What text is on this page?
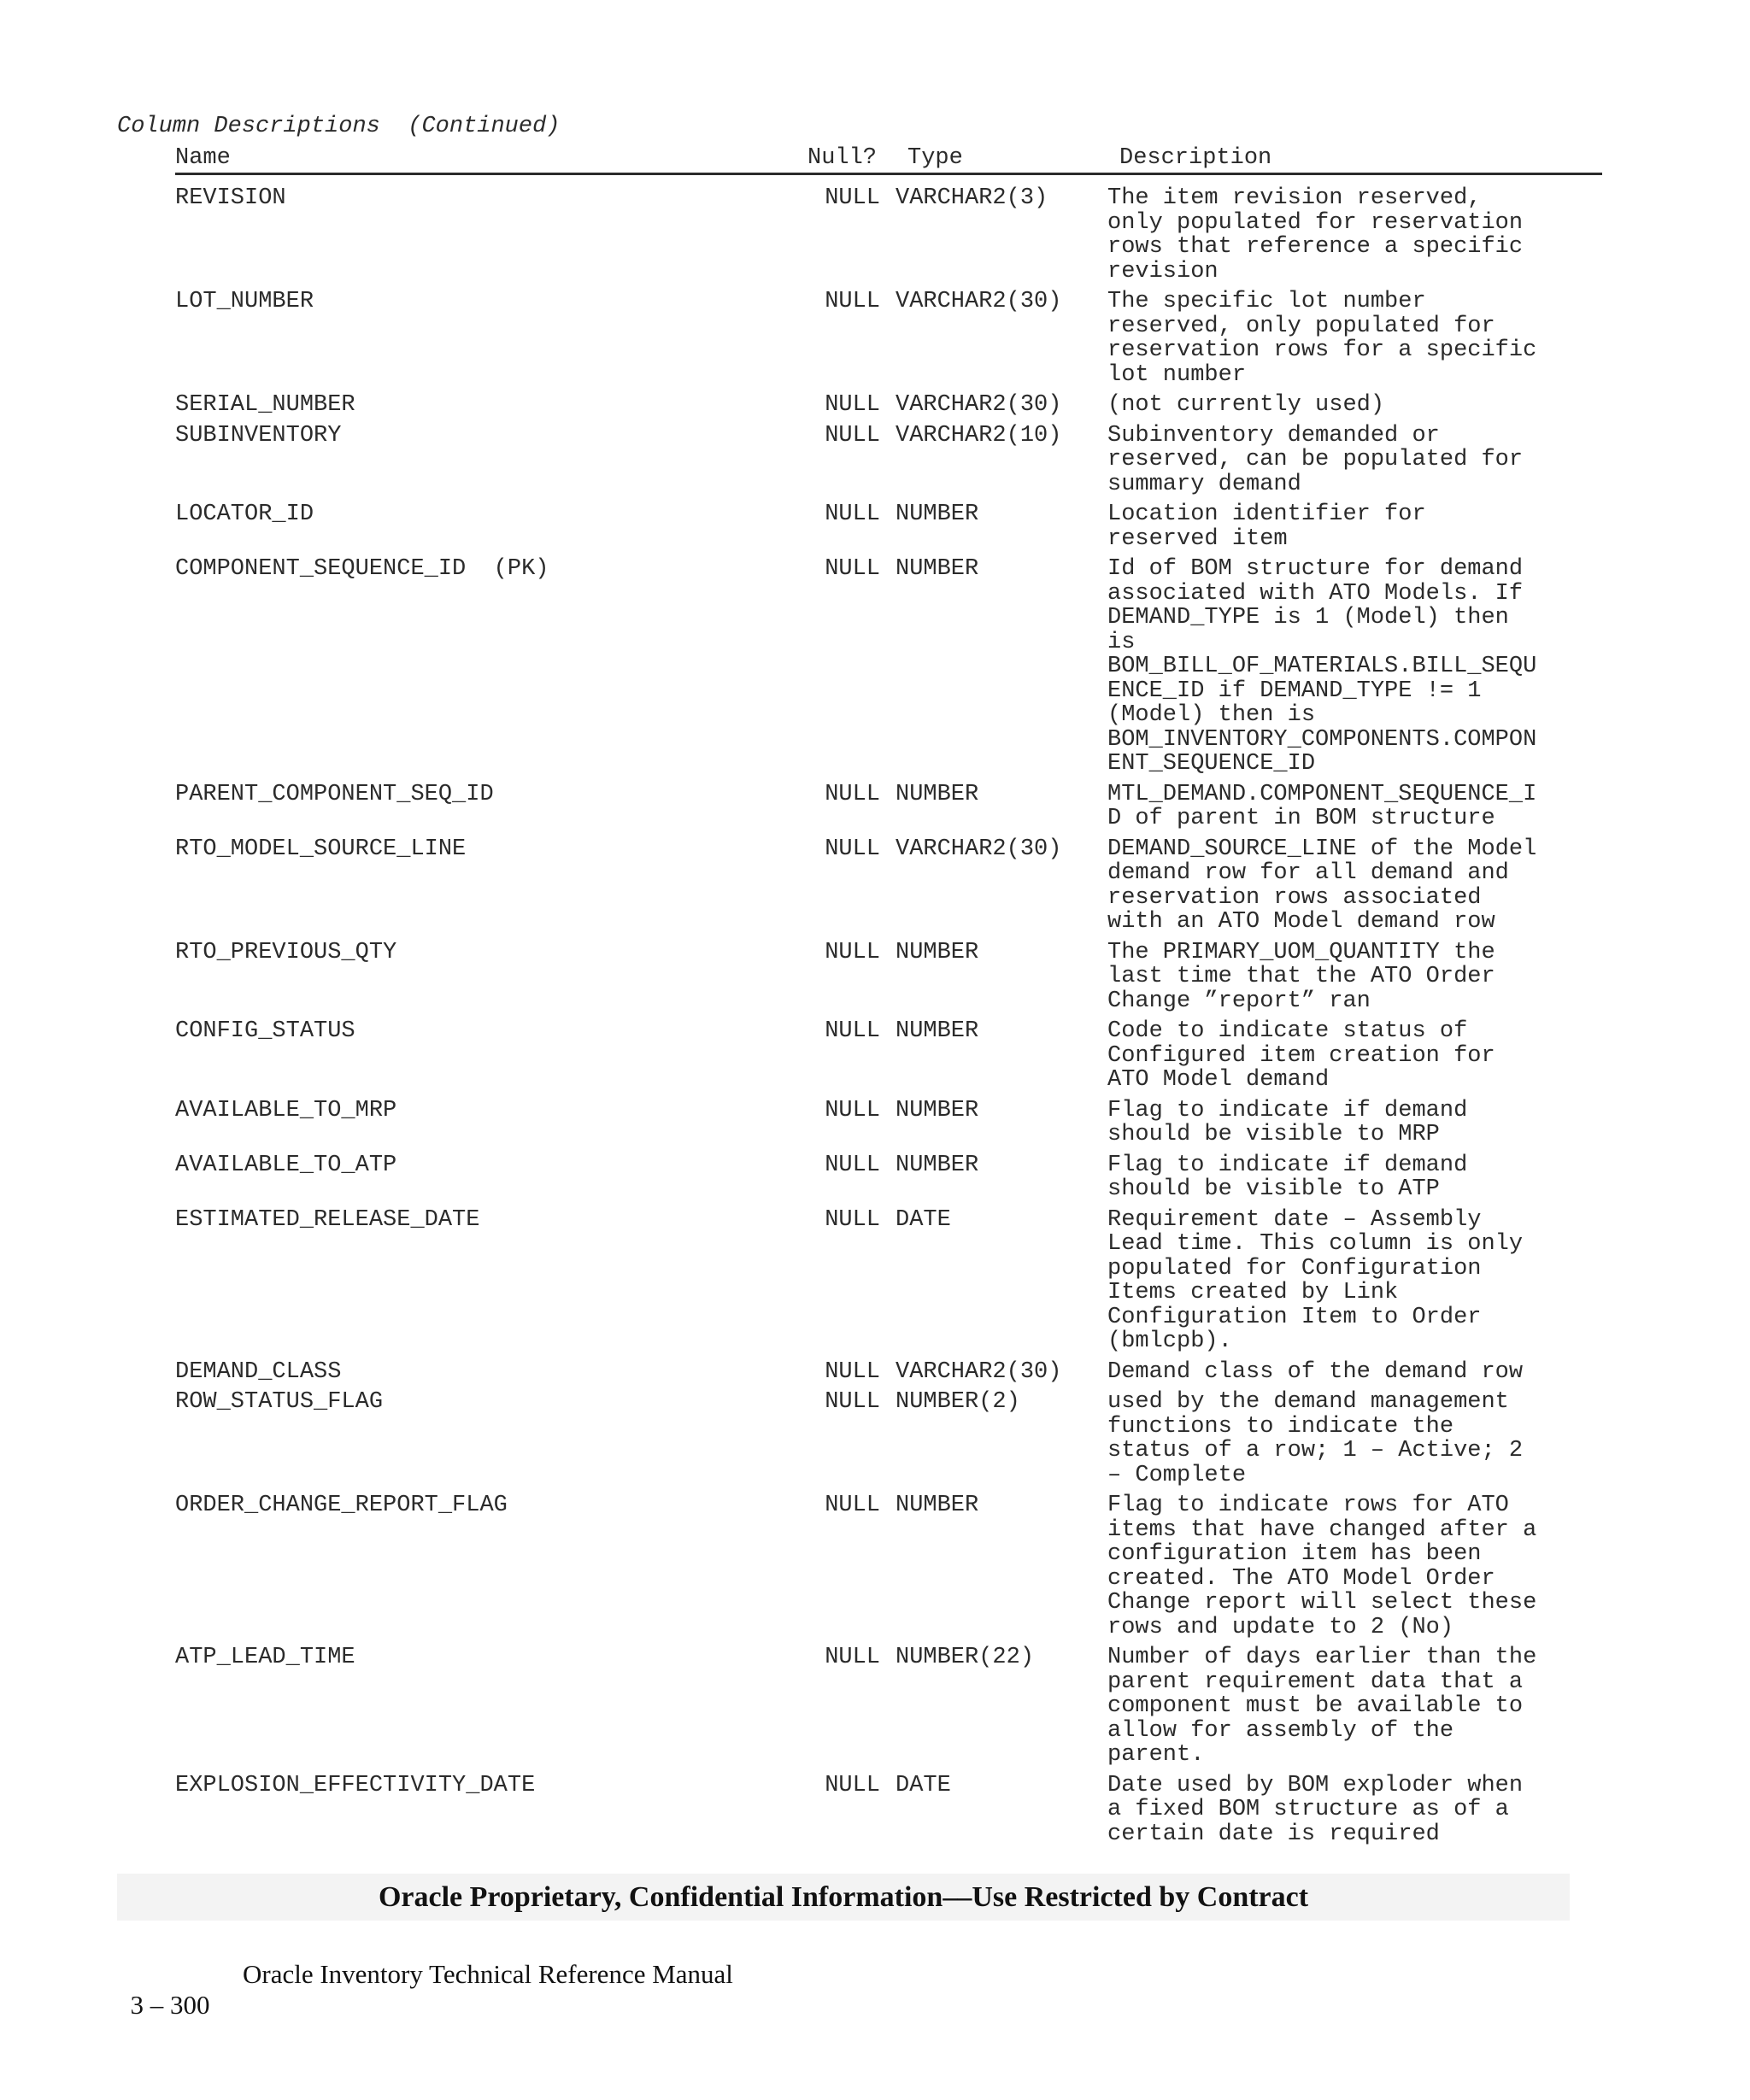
Column Descriptions  (Continued)
Name	Null? Type	Description
REVISION	NULL VARCHAR2(3)	The item revision reserved,
only populated for reservation
rows that reference a specific
revision
LOT_NUMBER	NULL VARCHAR2(30)	The specific lot number
reserved, only populated for
reservation rows for a specific
lot number
SERIAL_NUMBER	NULL VARCHAR2(30)	(not currently used)
SUBINVENTORY	NULL VARCHAR2(10)	Subinventory demanded or
reserved, can be populated for
summary demand
LOCATOR_ID	NULL NUMBER	Location identifier for
reserved item
COMPONENT_SEQUENCE_ID  (PK)	NULL NUMBER	Id of BOM structure for demand
associated with ATO Models. If
DEMAND_TYPE is 1 (Model) then
is
BOM_BILL_OF_MATERIALS.BILL_SEQU
ENCE_ID if DEMAND_TYPE != 1
(Model) then is
BOM_INVENTORY_COMPONENTS.COMPON
ENT_SEQUENCE_ID
PARENT_COMPONENT_SEQ_ID	NULL NUMBER	MTL_DEMAND.COMPONENT_SEQUENCE_I
D of parent in BOM structure
RTO_MODEL_SOURCE_LINE	NULL VARCHAR2(30)	DEMAND_SOURCE_LINE of the Model
demand row for all demand and
reservation rows associated
with an ATO Model demand row
RTO_PREVIOUS_QTY	NULL NUMBER	The PRIMARY_UOM_QUANTITY the
last time that the ATO Order
Change ”report” ran
CONFIG_STATUS	NULL NUMBER	Code to indicate status of
Configured item creation for
ATO Model demand
AVAILABLE_TO_MRP	NULL NUMBER	Flag to indicate if demand
should be visible to MRP
AVAILABLE_TO_ATP	NULL NUMBER	Flag to indicate if demand
should be visible to ATP
ESTIMATED_RELEASE_DATE	NULL DATE	Requirement date – Assembly
Lead time. This column is only
populated for Configuration
Items created by Link
Configuration Item to Order
(bmlcpb).
DEMAND_CLASS	NULL VARCHAR2(30)	Demand class of the demand row
ROW_STATUS_FLAG	NULL NUMBER(2)	used by the demand management
functions to indicate the
status of a row; 1 – Active; 2
– Complete
ORDER_CHANGE_REPORT_FLAG	NULL NUMBER	Flag to indicate rows for ATO
items that have changed after a
configuration item has been
created. The ATO Model Order
Change report will select these
rows and update to 2 (No)
ATP_LEAD_TIME	NULL NUMBER(22)	Number of days earlier than the
parent requirement data that a
component must be available to
allow for assembly of the
parent.
EXPLOSION_EFFECTIVITY_DATE	NULL DATE	Date used by BOM exploder when
a fixed BOM structure as of a
certain date is required
Oracle Proprietary, Confidential Information––Use Restricted by Contract

3 – 300

Oracle Inventory Technical Reference Manual
